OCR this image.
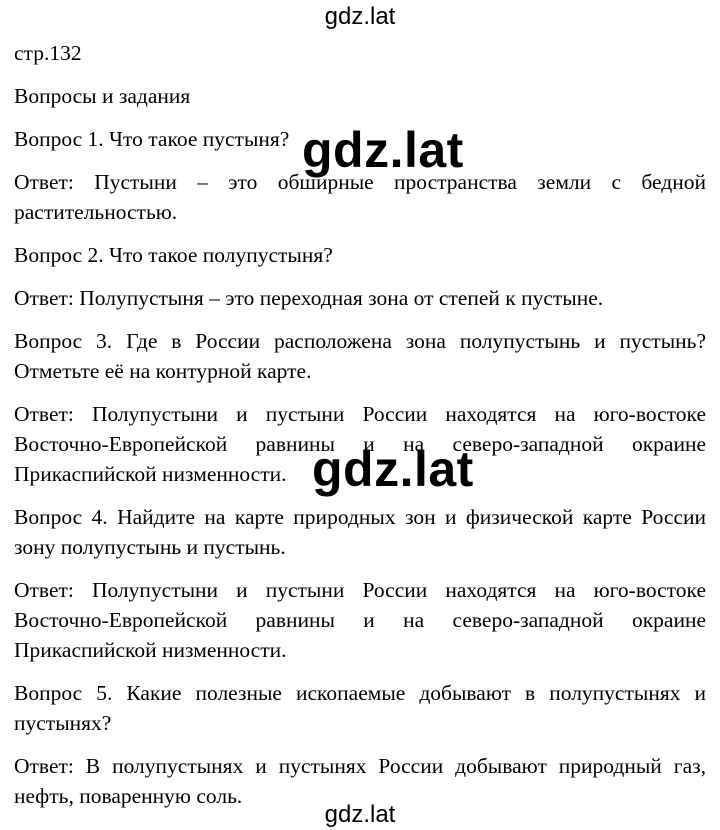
gdz.lat

стр.132

Вопросы и задания

Вопрос 1. Что такое пустыня?

Ответ: Пустыни – это обширные пространства земли с бедной растительностью.

Вопрос 2. Что такое полупустыня?

Ответ: Полупустыня – это переходная зона от степей к пустыне.

Вопрос 3. Где в России расположена зона полупустынь и пустынь? Отметьте её на контурной карте.

Ответ: Полупустыни и пустыни России находятся на юго-востоке Восточно-Европейской равнины и на северо-западной окраине Прикаспийской низменности.

Вопрос 4. Найдите на карте природных зон и физической карте России зону полупустынь и пустынь.

Ответ: Полупустыни и пустыни России находятся на юго-востоке Восточно-Европейской равнины и на северо-западной окраине Прикаспийской низменности.

Вопрос 5. Какие полезные ископаемые добывают в полупустынях и пустынях?

Ответ: В полупустынях и пустынях России добывают природный газ, нефть, поваренную соль.

gdz.lat
gdz.lat
gdz.lat
